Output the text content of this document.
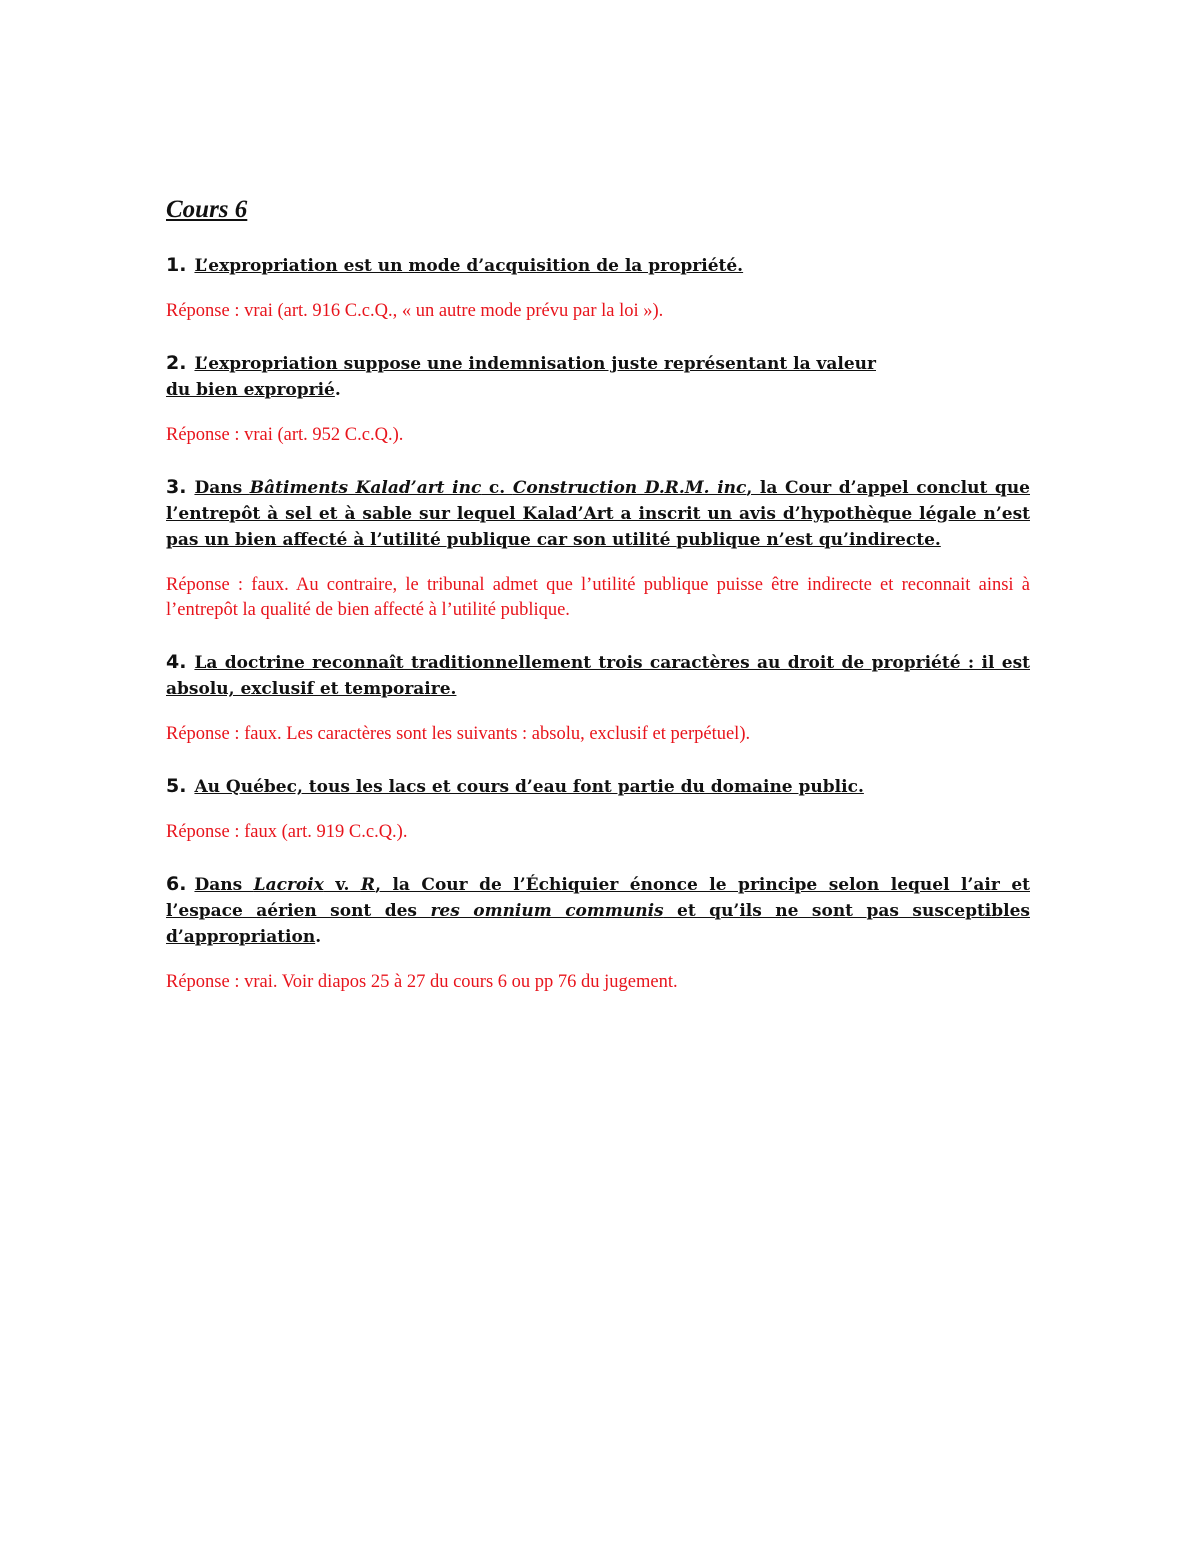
Cours 6

1. L’expropriation est un mode d’acquisition de la propriété.

Réponse : vrai (art. 916 C.c.Q., « un autre mode prévu par la loi »).

2. L’expropriation suppose une indemnisation juste représentant la valeur
du bien exproprié.

Réponse : vrai (art. 952 C.c.Q.).

3. Dans Bâtiments Kalad’art inc c. Construction D.R.M. inc, la Cour d’appel conclut que l’entrepôt à sel et à sable sur lequel Kalad’Art a inscrit un avis d’hypothèque légale n’est pas un bien affecté à l’utilité publique car son utilité publique n’est qu’indirecte.

Réponse : faux. Au contraire, le tribunal admet que l’utilité publique puisse être indirecte et reconnait ainsi à l’entrepôt la qualité de bien affecté à l’utilité publique.

4. La doctrine reconnaît traditionnellement trois caractères au droit de propriété : il est absolu, exclusif et temporaire.

Réponse : faux. Les caractères sont les suivants : absolu, exclusif et perpétuel).

5. Au Québec, tous les lacs et cours d’eau font partie du domaine public.

Réponse : faux (art. 919 C.c.Q.).

6. Dans Lacroix v. R, la Cour de l’Échiquier énonce le principe selon lequel l’air et l’espace aérien sont des res omnium communis et qu’ils ne sont pas susceptibles d’appropriation.

Réponse : vrai. Voir diapos 25 à 27 du cours 6 ou pp 76 du jugement.
